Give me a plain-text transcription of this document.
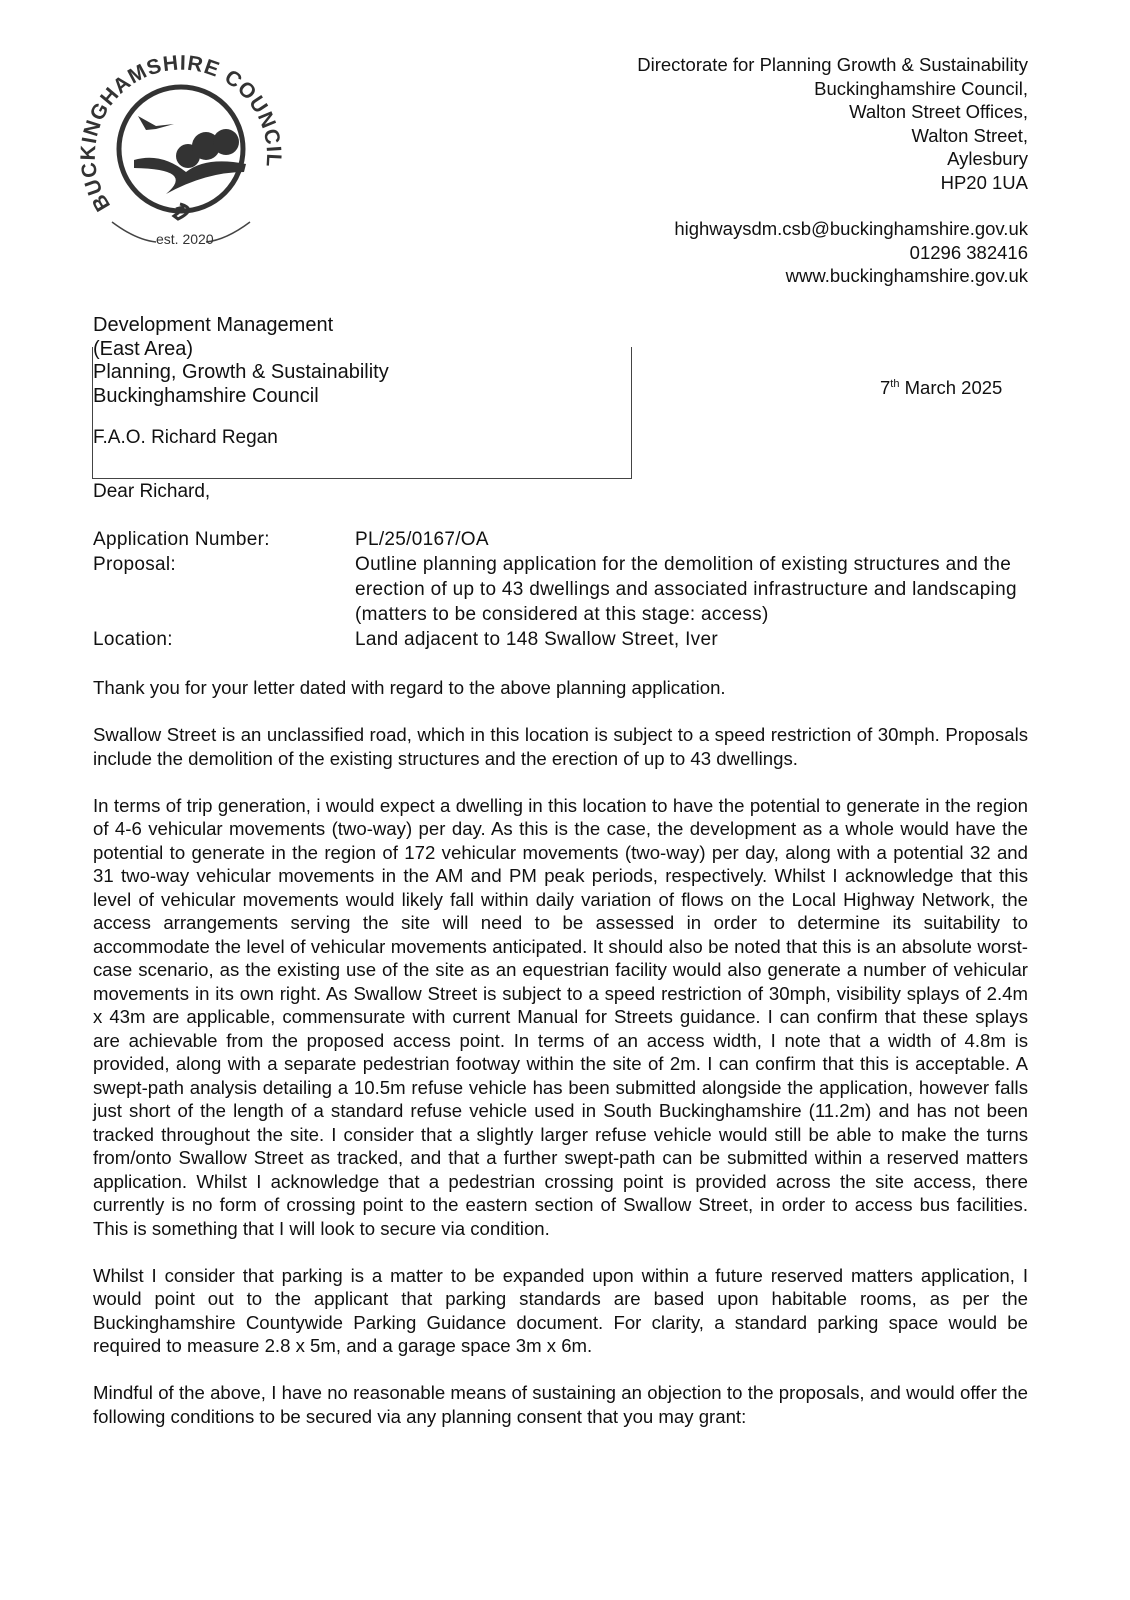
BUCKINGHAMSHIRE COUNCIL
est. 2020
Directorate for Planning Growth & Sustainability
Buckinghamshire Council,
Walton Street Offices,
Walton Street,
Aylesbury
HP20 1UA
highwaysdm.csb@buckinghamshire.gov.uk
01296 382416
www.buckinghamshire.gov.uk
Development Management
(East Area)
Planning, Growth & Sustainability
Buckinghamshire Council
F.A.O. Richard Regan
7th March 2025
Dear Richard,
Application Number:	PL/25/0167/OA
Proposal:	Outline planning application for the demolition of existing structures and the erection of up to 43 dwellings and associated infrastructure and landscaping (matters to be considered at this stage: access)
Location:	Land adjacent to 148 Swallow Street, Iver

Thank you for your letter dated with regard to the above planning application.

Swallow Street is an unclassified road, which in this location is subject to a speed restriction of 30mph. Proposals include the demolition of the existing structures and the erection of up to 43 dwellings.

In terms of trip generation, i would expect a dwelling in this location to have the potential to generate in the region of 4-6 vehicular movements (two-way) per day. As this is the case, the development as a whole would have the potential to generate in the region of 172 vehicular movements (two-way) per day, along with a potential 32 and 31 two-way vehicular movements in the AM and PM peak periods, respectively. Whilst I acknowledge that this level of vehicular movements would likely fall within daily variation of flows on the Local Highway Network, the access arrangements serving the site will need to be assessed in order to determine its suitability to accommodate the level of vehicular movements anticipated. It should also be noted that this is an absolute worst-case scenario, as the existing use of the site as an equestrian facility would also generate a number of vehicular movements in its own right. As Swallow Street is subject to a speed restriction of 30mph, visibility splays of 2.4m x 43m are applicable, commensurate with current Manual for Streets guidance. I can confirm that these splays are achievable from the proposed access point. In terms of an access width, I note that a width of 4.8m is provided, along with a separate pedestrian footway within the site of 2m. I can confirm that this is acceptable. A swept-path analysis detailing a 10.5m refuse vehicle has been submitted alongside the application, however falls just short of the length of a standard refuse vehicle used in South Buckinghamshire (11.2m) and has not been tracked throughout the site. I consider that a slightly larger refuse vehicle would still be able to make the turns from/onto Swallow Street as tracked, and that a further swept-path can be submitted within a reserved matters application. Whilst I acknowledge that a pedestrian crossing point is provided across the site access, there currently is no form of crossing point to the eastern section of Swallow Street, in order to access bus facilities. This is something that I will look to secure via condition.

Whilst I consider that parking is a matter to be expanded upon within a future reserved matters application, I would point out to the applicant that parking standards are based upon habitable rooms, as per the Buckinghamshire Countywide Parking Guidance document. For clarity, a standard parking space would be required to measure 2.8 x 5m, and a garage space 3m x 6m.

Mindful of the above, I have no reasonable means of sustaining an objection to the proposals, and would offer the following conditions to be secured via any planning consent that you may grant:
